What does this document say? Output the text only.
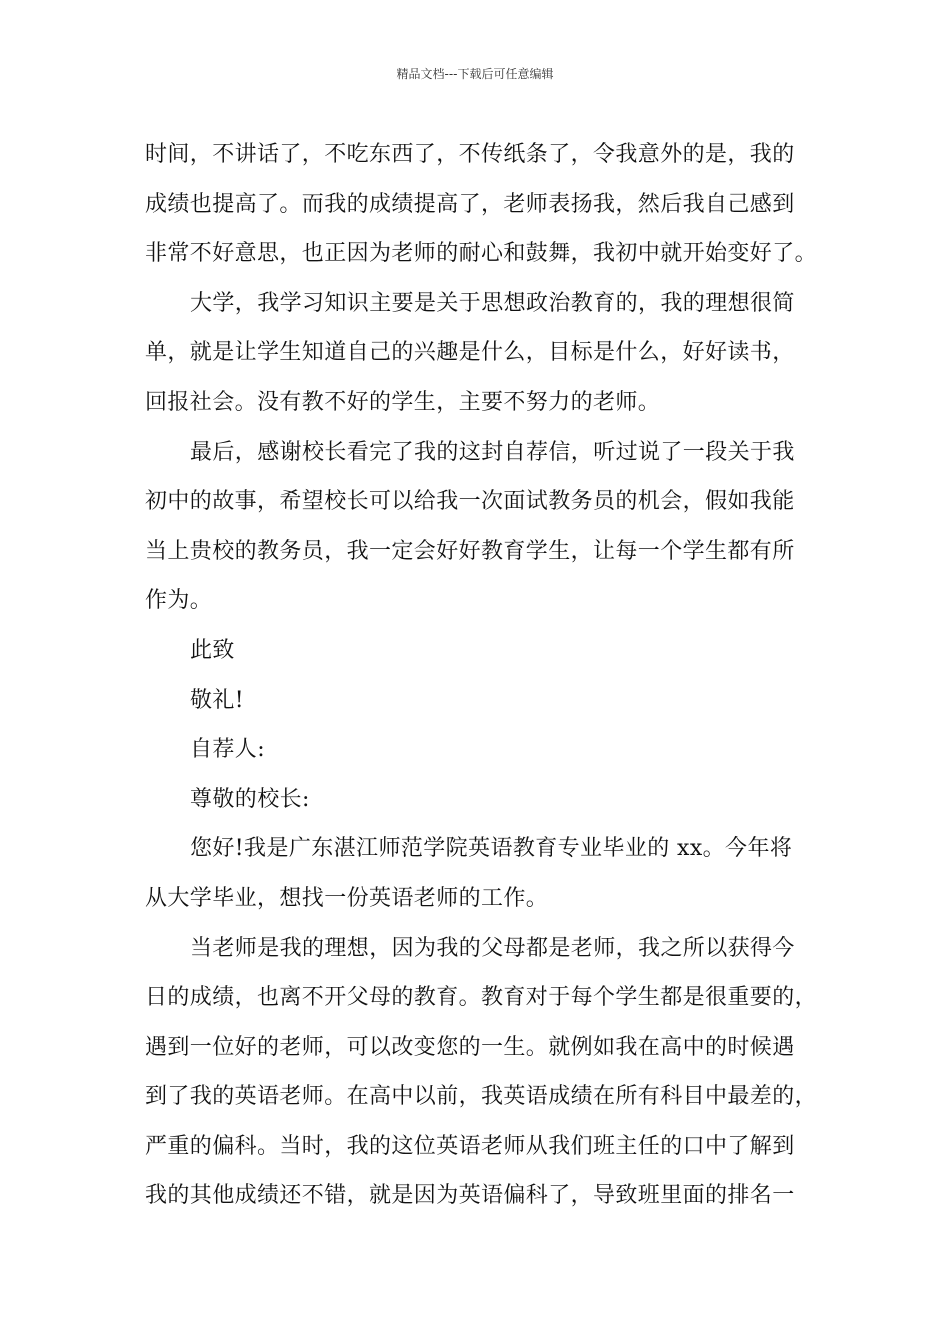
精品文档---下载后可任意编辑
时间，不讲话了，不吃东西了，不传纸条了，令我意外的是，我的
成绩也提高了。而我的成绩提高了，老师表扬我，然后我自己感到
非常不好意思，也正因为老师的耐心和鼓舞，我初中就开始变好了。
大学，我学习知识主要是关于思想政治教育的，我的理想很简
单，就是让学生知道自己的兴趣是什么，目标是什么，好好读书，
回报社会。没有教不好的学生，主要不努力的老师。
最后，感谢校长看完了我的这封自荐信，听过说了一段关于我
初中的故事，希望校长可以给我一次面试教务员的机会，假如我能
当上贵校的教务员，我一定会好好教育学生，让每一个学生都有所
作为。
此致
敬礼!
自荐人:
尊敬的校长:
您好!我是广东湛江师范学院英语教育专业毕业的 xx。今年将
从大学毕业，想找一份英语老师的工作。
当老师是我的理想，因为我的父母都是老师，我之所以获得今
日的成绩，也离不开父母的教育。教育对于每个学生都是很重要的，
遇到一位好的老师，可以改变您的一生。就例如我在高中的时候遇
到了我的英语老师。在高中以前，我英语成绩在所有科目中最差的，
严重的偏科。当时，我的这位英语老师从我们班主任的口中了解到
我的其他成绩还不错，就是因为英语偏科了，导致班里面的排名一
